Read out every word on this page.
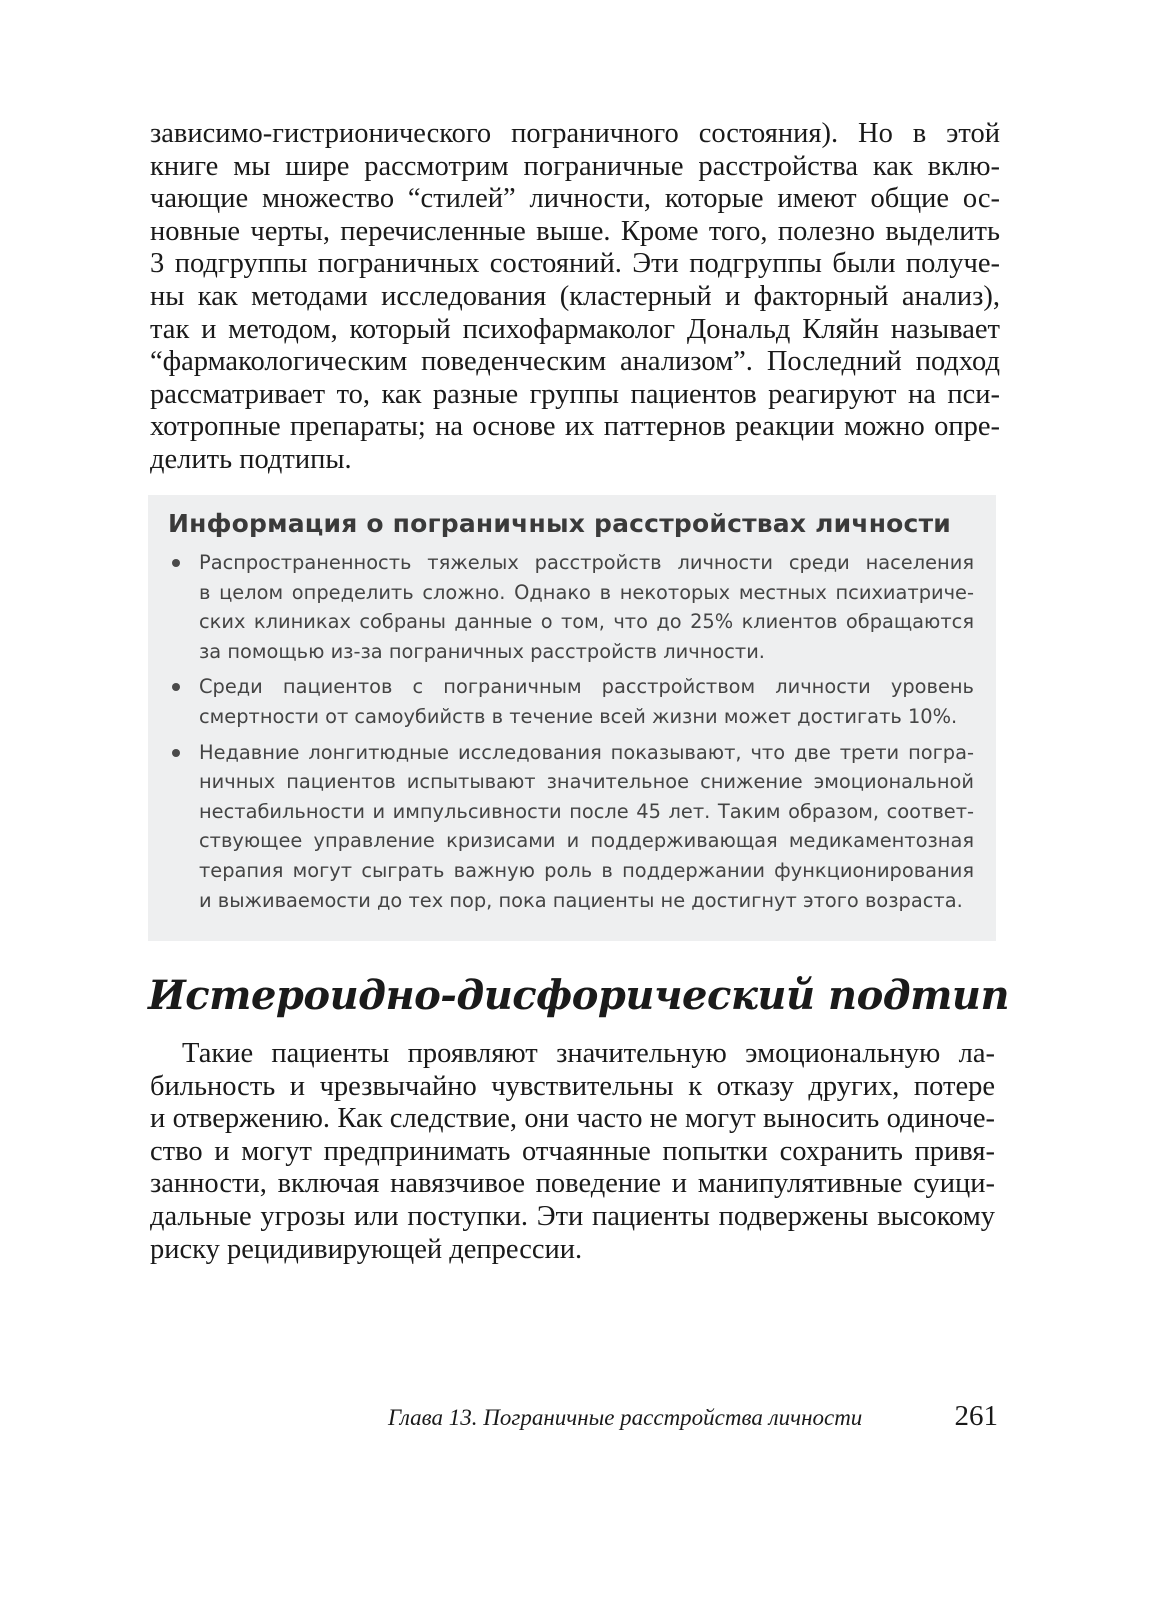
зависимо-гистрионического пограничного состояния). Но в этой
книге мы шире рассмотрим пограничные расстройства как вклю-
чающие множество “стилей” личности, которые имеют общие ос-
новные черты, перечисленные выше. Кроме того, полезно выделить
3 подгруппы пограничных состояний. Эти подгруппы были получе-
ны как методами исследования (кластерный и факторный анализ),
так и методом, который психофармаколог Дональд Кляйн называет
“фармакологическим поведенческим анализом”. Последний подход
рассматривает то, как разные группы пациентов реагируют на пси-
хотропные препараты; на основе их паттернов реакции можно опре-
делить подтипы.

Информация о пограничных расстройствах личности
Распространенность тяжелых расстройств личности среди населения
в целом определить сложно. Однако в некоторых местных психиатриче-
ских клиниках собраны данные о том, что до 25% клиентов обращаются
за помощью из-за пограничных расстройств личности.
Среди пациентов с пограничным расстройством личности уровень
смертности от самоубийств в течение всей жизни может достигать 10%.
Недавние лонгитюдные исследования показывают, что две трети погра-
ничных пациентов испытывают значительное снижение эмоциональной
нестабильности и импульсивности после 45 лет. Таким образом, соответ-
ствующее управление кризисами и поддерживающая медикаментозная
терапия могут сыграть важную роль в поддержании функционирования
и выживаемости до тех пор, пока пациенты не достигнут этого возраста.
Истероидно-дисфорический подтип

Такие пациенты проявляют значительную эмоциональную ла-
бильность и чрезвычайно чувствительны к отказу других, потере
и отвержению. Как следствие, они часто не могут выносить одиноче-
ство и могут предпринимать отчаянные попытки сохранить привя-
занности, включая навязчивое поведение и манипулятивные суици-
дальные угрозы или поступки. Эти пациенты подвержены высокому
риску рецидивирующей депрессии.

Глава 13. Пограничные расстройства личности	261
